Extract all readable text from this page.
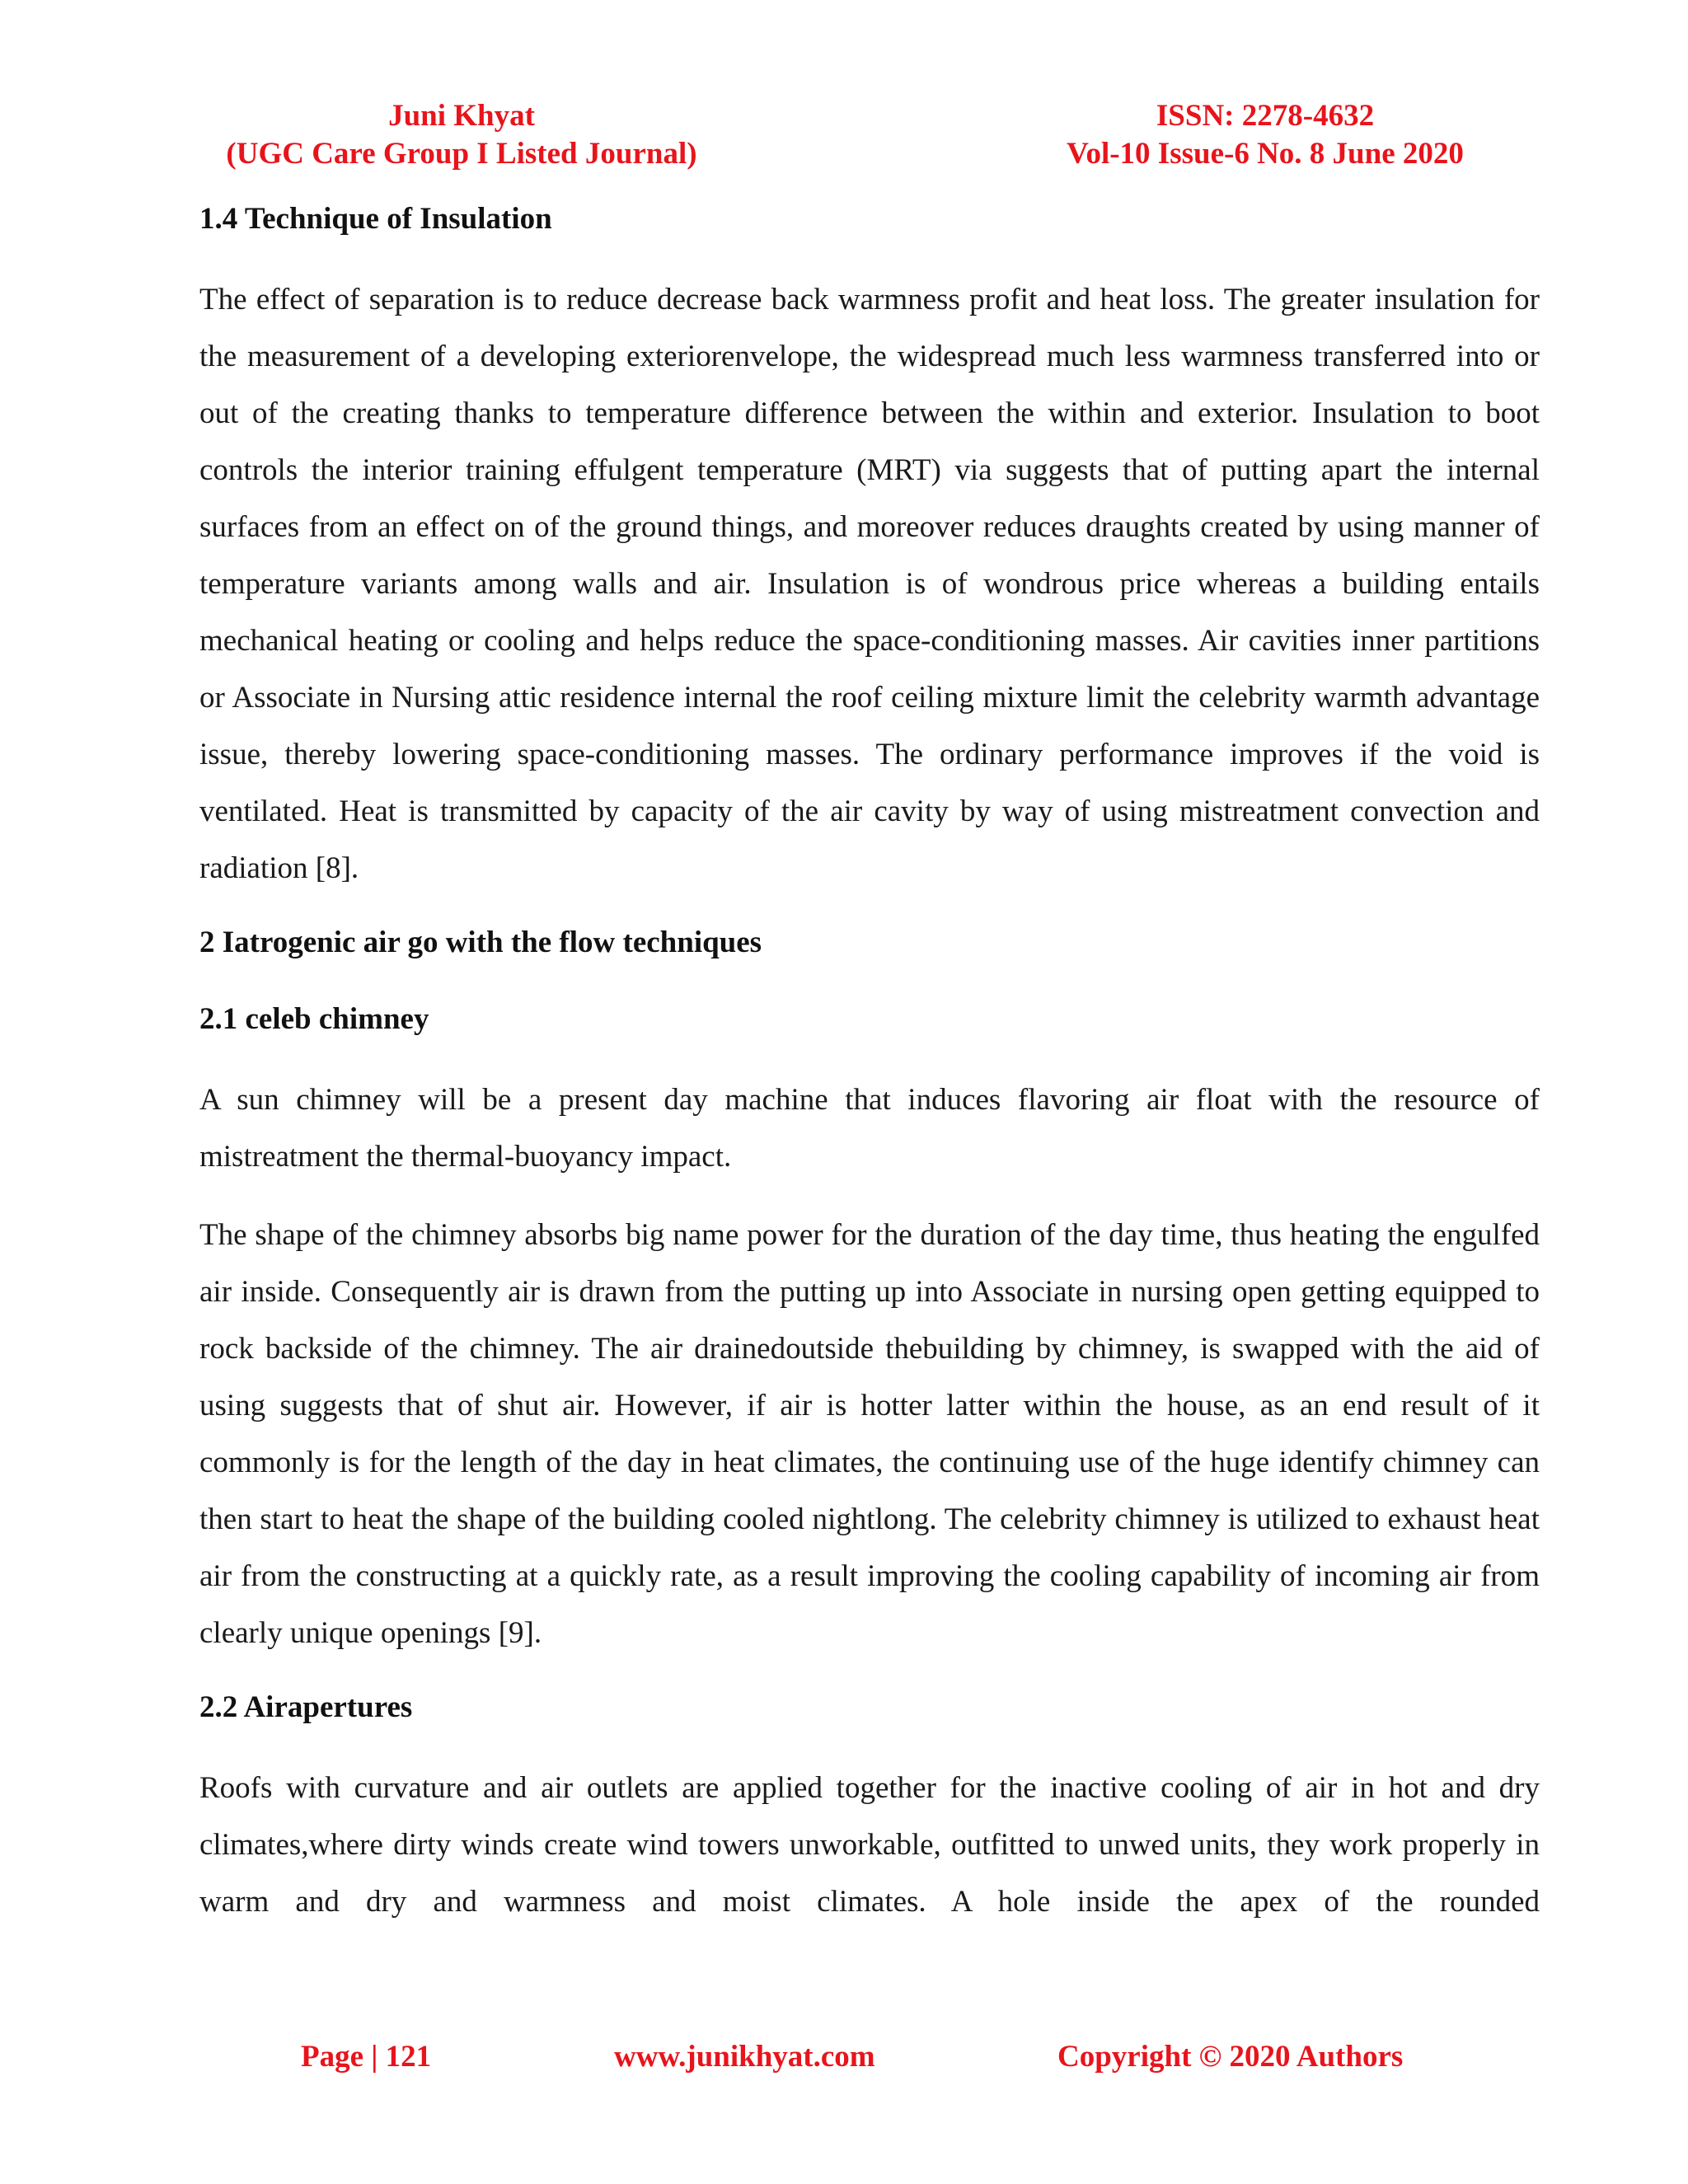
Juni Khyat
(UGC Care Group I Listed Journal)
ISSN: 2278-4632
Vol-10 Issue-6 No. 8 June 2020
1.4 Technique of Insulation

The effect of separation is to reduce decrease back warmness profit and heat loss. The greater insulation for the measurement of a developing exteriorenvelope, the widespread much less warmness transferred into or out of the creating thanks to temperature difference between the within and exterior. Insulation to boot controls the interior training effulgent temperature (MRT) via suggests that of putting apart the internal surfaces from an effect on of the ground things, and moreover reduces draughts created by using manner of temperature variants among walls and air. Insulation is of wondrous price whereas a building entails mechanical heating or cooling and helps reduce the space-conditioning masses. Air cavities inner partitions or Associate in Nursing attic residence internal the roof ceiling mixture limit the celebrity warmth advantage issue, thereby lowering space-conditioning masses. The ordinary performance improves if the void is ventilated. Heat is transmitted by capacity of the air cavity by way of using mistreatment convection and radiation [8].

2 Iatrogenic air go with the flow techniques
2.1 celeb chimney

A sun chimney will be a present day machine that induces flavoring air float with the resource of mistreatment the thermal-buoyancy impact.

The shape of the chimney absorbs big name power for the duration of the day time, thus heating the engulfed air inside. Consequently air is drawn from the putting up into Associate in nursing open getting equipped to rock backside of the chimney. The air drainedoutside thebuilding by chimney, is swapped with the aid of using suggests that of shut air. However, if air is hotter latter within the house, as an end result of it commonly is for the length of the day in heat climates, the continuing use of the huge identify chimney can then start to heat the shape of the building cooled nightlong. The celebrity chimney is utilized to exhaust heat air from the constructing at a quickly rate, as a result improving the cooling capability of incoming air from clearly unique openings [9].

2.2 Airapertures

Roofs with curvature and air outlets are applied together for the inactive cooling of air in hot and dry climates,where dirty winds create wind towers unworkable, outfitted to unwed units, they work properly in warm and dry and warmness and moist climates. A hole inside the apex of the rounded

Page | 121	www.junikhyat.com	Copyright © 2020 Authors
